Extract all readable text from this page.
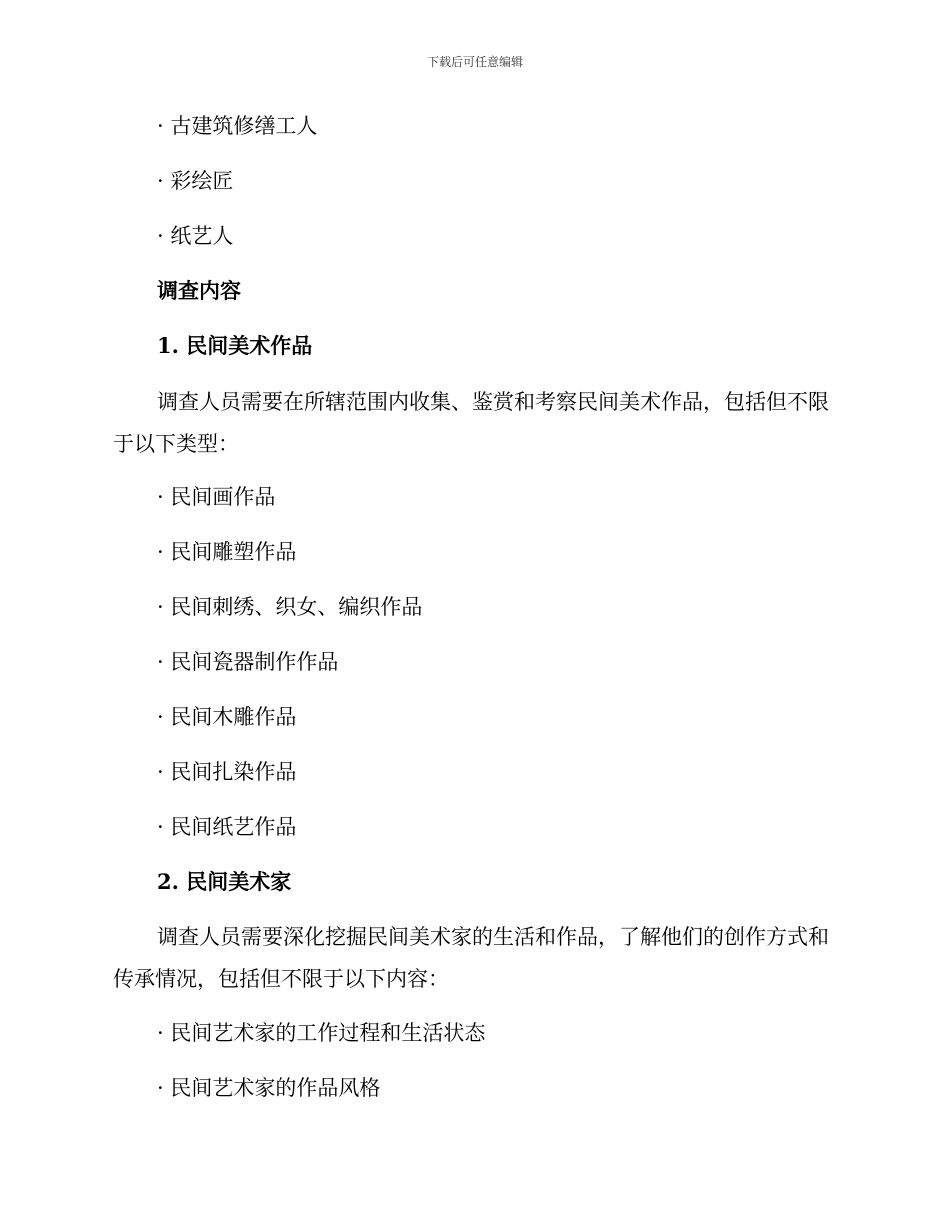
下载后可任意编辑
· 古建筑修缮工人
· 彩绘匠
· 纸艺人
调查内容
1. 民间美术作品
调查人员需要在所辖范围内收集、鉴赏和考察民间美术作品，包括但不限于以下类型：
· 民间画作品
· 民间雕塑作品
· 民间刺绣、织女、编织作品
· 民间瓷器制作作品
· 民间木雕作品
· 民间扎染作品
· 民间纸艺作品
2. 民间美术家
调查人员需要深化挖掘民间美术家的生活和作品，了解他们的创作方式和传承情况，包括但不限于以下内容：
· 民间艺术家的工作过程和生活状态
· 民间艺术家的作品风格
